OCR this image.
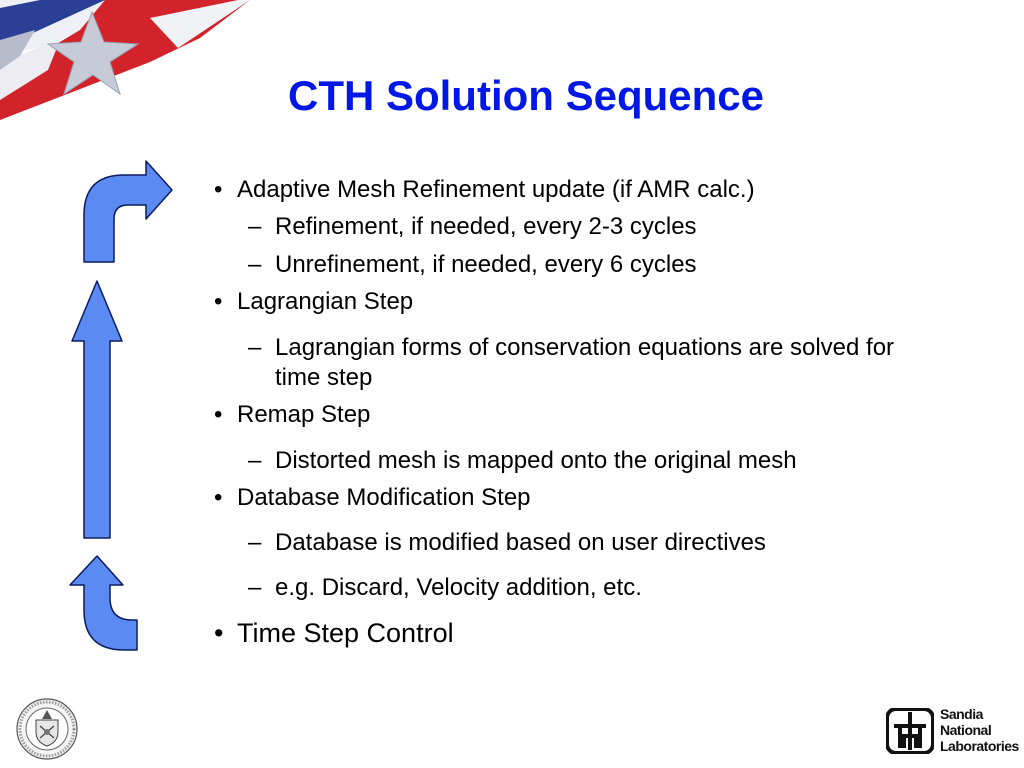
CTH Solution Sequence
• Adaptive Mesh Refinement update (if AMR calc.)
– Refinement, if needed, every 2-3 cycles
– Unrefinement, if needed, every 6 cycles
• Lagrangian Step
– Lagrangian forms of conservation equations are solved for time step
• Remap Step
– Distorted mesh is mapped onto the original mesh
• Database Modification Step
– Database is modified based on user directives
– e.g. Discard, Velocity addition, etc.
• Time Step Control
Sandia
National
Laboratories
